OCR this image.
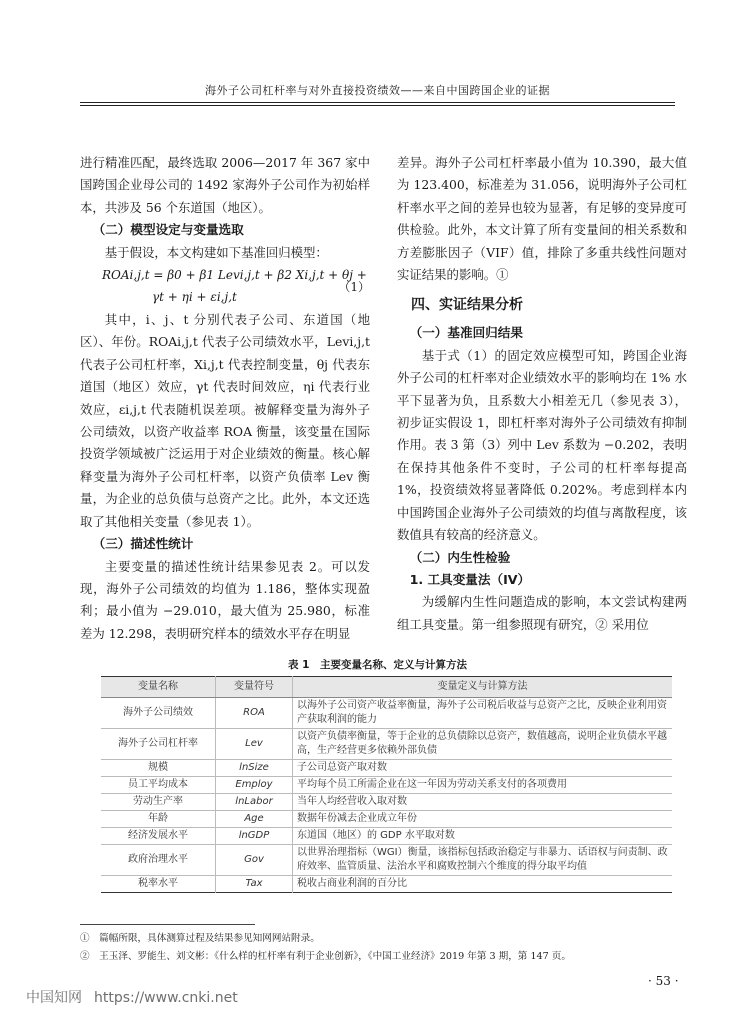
海外子公司杠杆率与对外直接投资绩效——来自中国跨国企业的证据

进行精准匹配，最终选取 2006—2017 年 367 家中国跨国企业母公司的 1492 家海外子公司作为初始样本，共涉及 56 个东道国（地区）。

（二）模型设定与变量选取

基于假设，本文构建如下基准回归模型：

ROAi,j,t = β0 + β1 Levi,j,t + β2 Xi,j,t + θj +
γt + ηi + εi,j,t
（1）

其中，i、j、t 分别代表子公司、东道国（地区）、年份。ROAi,j,t 代表子公司绩效水平，Levi,j,t 代表子公司杠杆率，Xi,j,t 代表控制变量，θj 代表东道国（地区）效应，γt 代表时间效应，ηi 代表行业效应，εi,j,t 代表随机误差项。被解释变量为海外子公司绩效，以资产收益率 ROA 衡量，该变量在国际投资学领域被广泛运用于对企业绩效的衡量。核心解释变量为海外子公司杠杆率，以资产负债率 Lev 衡量，为企业的总负债与总资产之比。此外，本文还选取了其他相关变量（参见表 1）。

（三）描述性统计

主要变量的描述性统计结果参见表 2。可以发现，海外子公司绩效的均值为 1.186，整体实现盈利；最小值为 −29.010，最大值为 25.980，标准差为 12.298，表明研究样本的绩效水平存在明显

差异。海外子公司杠杆率最小值为 10.390，最大值为 123.400，标准差为 31.056，说明海外子公司杠杆率水平之间的差异也较为显著，有足够的变异度可供检验。此外，本文计算了所有变量间的相关系数和方差膨胀因子（VIF）值，排除了多重共线性问题对实证结果的影响。①

四、实证结果分析
（一）基准回归结果

基于式（1）的固定效应模型可知，跨国企业海外子公司的杠杆率对企业绩效水平的影响均在 1% 水平下显著为负，且系数大小相差无几（参见表 3），初步证实假设 1，即杠杆率对海外子公司绩效有抑制作用。表 3 第（3）列中 Lev 系数为 −0.202，表明在保持其他条件不变时，子公司的杠杆率每提高 1%，投资绩效将显著降低 0.202%。考虑到样本内中国跨国企业海外子公司绩效的均值与离散程度，该数值具有较高的经济意义。

（二）内生性检验
1. 工具变量法（IV）

为缓解内生性问题造成的影响，本文尝试构建两组工具变量。第一组参照现有研究，② 采用位

表 1　主要变量名称、定义与计算方法
变量名称	变量符号	变量定义与计算方法
海外子公司绩效	ROA	以海外子公司资产收益率衡量，海外子公司税后收益与总资产之比，反映企业利用资产获取利润的能力
海外子公司杠杆率	Lev	以资产负债率衡量，等于企业的总负债除以总资产，数值越高，说明企业负债水平越高，生产经营更多依赖外部负债
规模	lnSize	子公司总资产取对数
员工平均成本	Employ	平均每个员工所需企业在这一年因为劳动关系支付的各项费用
劳动生产率	lnLabor	当年人均经营收入取对数
年龄	Age	数据年份减去企业成立年份
经济发展水平	lnGDP	东道国（地区）的 GDP 水平取对数
政府治理水平	Gov	以世界治理指标（WGI）衡量，该指标包括政治稳定与非暴力、话语权与问责制、政府效率、监管质量、法治水平和腐败控制六个维度的得分取平均值
税率水平	Tax	税收占商业利润的百分比
①　篇幅所限，具体测算过程及结果参见知网网站附录。
②　王玉泽、罗能生、刘文彬：《什么样的杠杆率有利于企业创新》，《中国工业经济》2019 年第 3 期，第 147 页。
· 53 ·
中国知网 https://www.cnki.net
